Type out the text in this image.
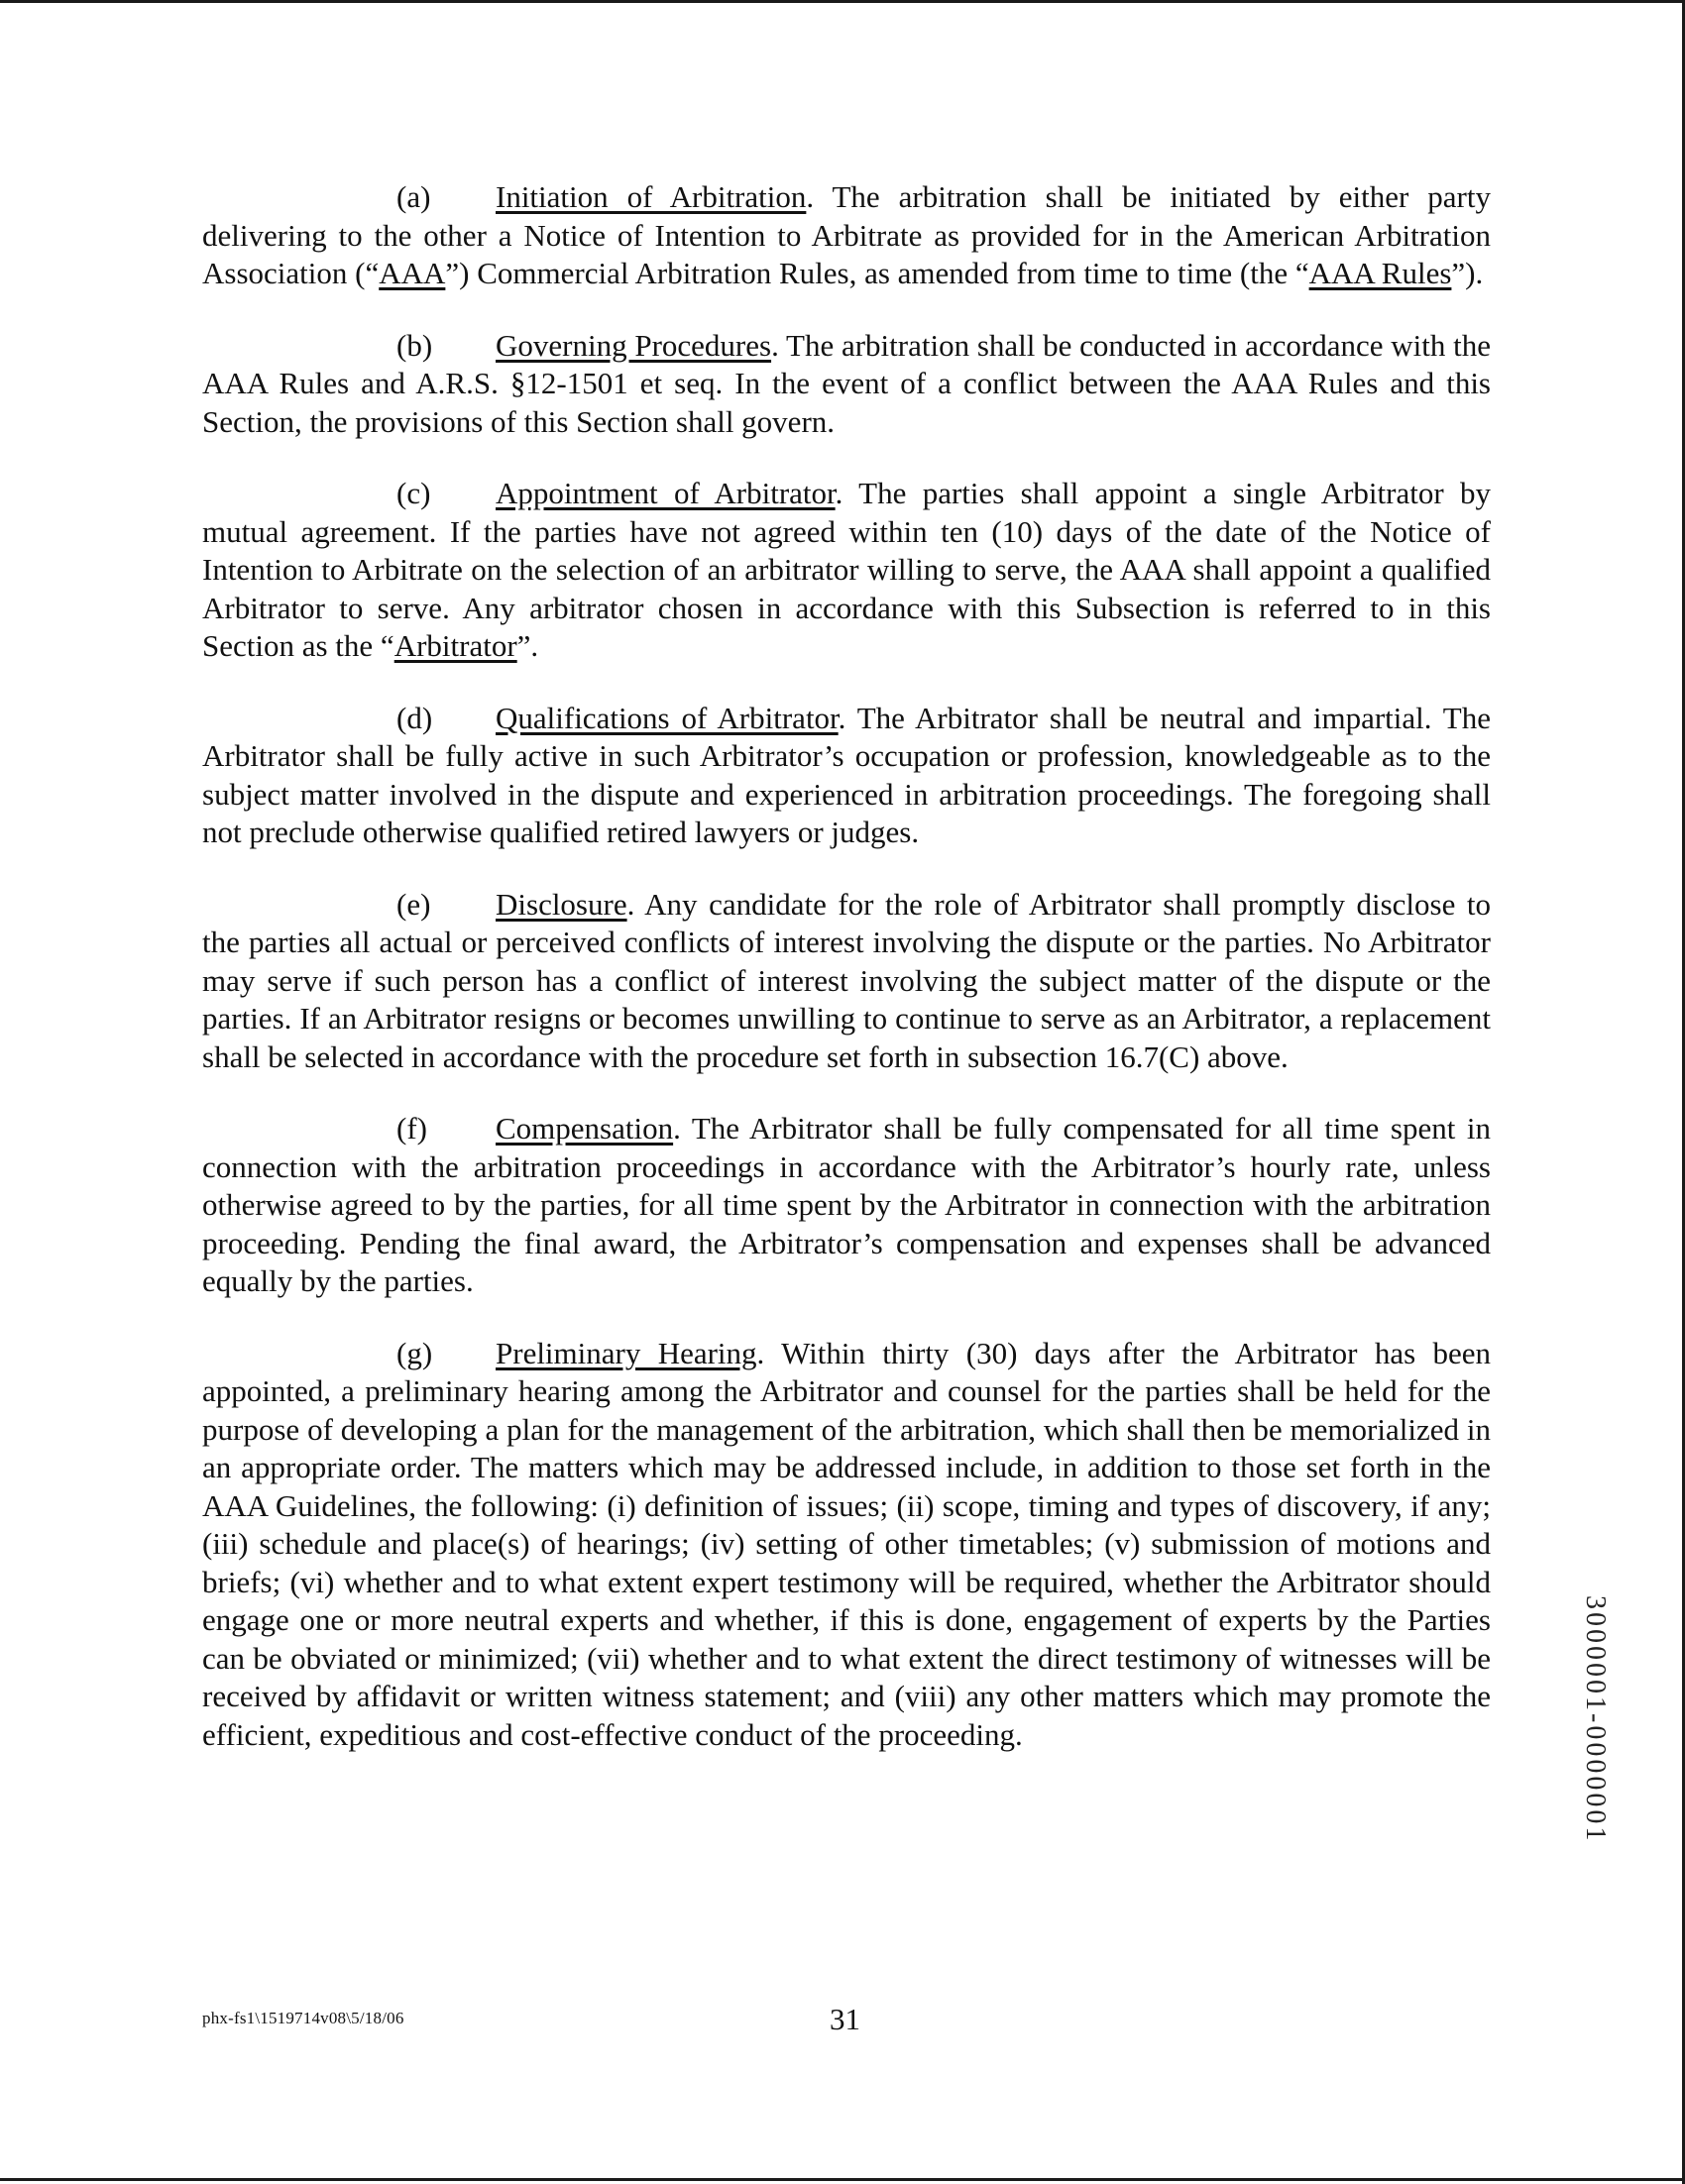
(a) Initiation of Arbitration. The arbitration shall be initiated by either party delivering to the other a Notice of Intention to Arbitrate as provided for in the American Arbitration Association (“AAA”) Commercial Arbitration Rules, as amended from time to time (the “AAA Rules”).

(b) Governing Procedures. The arbitration shall be conducted in accordance with the AAA Rules and A.R.S. §12-1501 et seq. In the event of a conflict between the AAA Rules and this Section, the provisions of this Section shall govern.

(c) Appointment of Arbitrator. The parties shall appoint a single Arbitrator by mutual agreement. If the parties have not agreed within ten (10) days of the date of the Notice of Intention to Arbitrate on the selection of an arbitrator willing to serve, the AAA shall appoint a qualified Arbitrator to serve. Any arbitrator chosen in accordance with this Subsection is referred to in this Section as the “Arbitrator”.

(d) Qualifications of Arbitrator. The Arbitrator shall be neutral and impartial. The Arbitrator shall be fully active in such Arbitrator’s occupation or profession, knowledgeable as to the subject matter involved in the dispute and experienced in arbitration proceedings. The foregoing shall not preclude otherwise qualified retired lawyers or judges.

(e) Disclosure. Any candidate for the role of Arbitrator shall promptly disclose to the parties all actual or perceived conflicts of interest involving the dispute or the parties. No Arbitrator may serve if such person has a conflict of interest involving the subject matter of the dispute or the parties. If an Arbitrator resigns or becomes unwilling to continue to serve as an Arbitrator, a replacement shall be selected in accordance with the procedure set forth in subsection 16.7(C) above.

(f) Compensation. The Arbitrator shall be fully compensated for all time spent in connection with the arbitration proceedings in accordance with the Arbitrator’s hourly rate, unless otherwise agreed to by the parties, for all time spent by the Arbitrator in connection with the arbitration proceeding. Pending the final award, the Arbitrator’s compensation and expenses shall be advanced equally by the parties.

(g) Preliminary Hearing. Within thirty (30) days after the Arbitrator has been appointed, a preliminary hearing among the Arbitrator and counsel for the parties shall be held for the purpose of developing a plan for the management of the arbitration, which shall then be memorialized in an appropriate order. The matters which may be addressed include, in addition to those set forth in the AAA Guidelines, the following: (i) definition of issues; (ii) scope, timing and types of discovery, if any; (iii) schedule and place(s) of hearings; (iv) setting of other timetables; (v) submission of motions and briefs; (vi) whether and to what extent expert testimony will be required, whether the Arbitrator should engage one or more neutral experts and whether, if this is done, engagement of experts by the Parties can be obviated or minimized; (vii) whether and to what extent the direct testimony of witnesses will be received by affidavit or written witness statement; and (viii) any other matters which may promote the efficient, expeditious and cost-effective conduct of the proceeding.

phx-fs1\1519714v08\5/18/06	31
3000001-0000001
